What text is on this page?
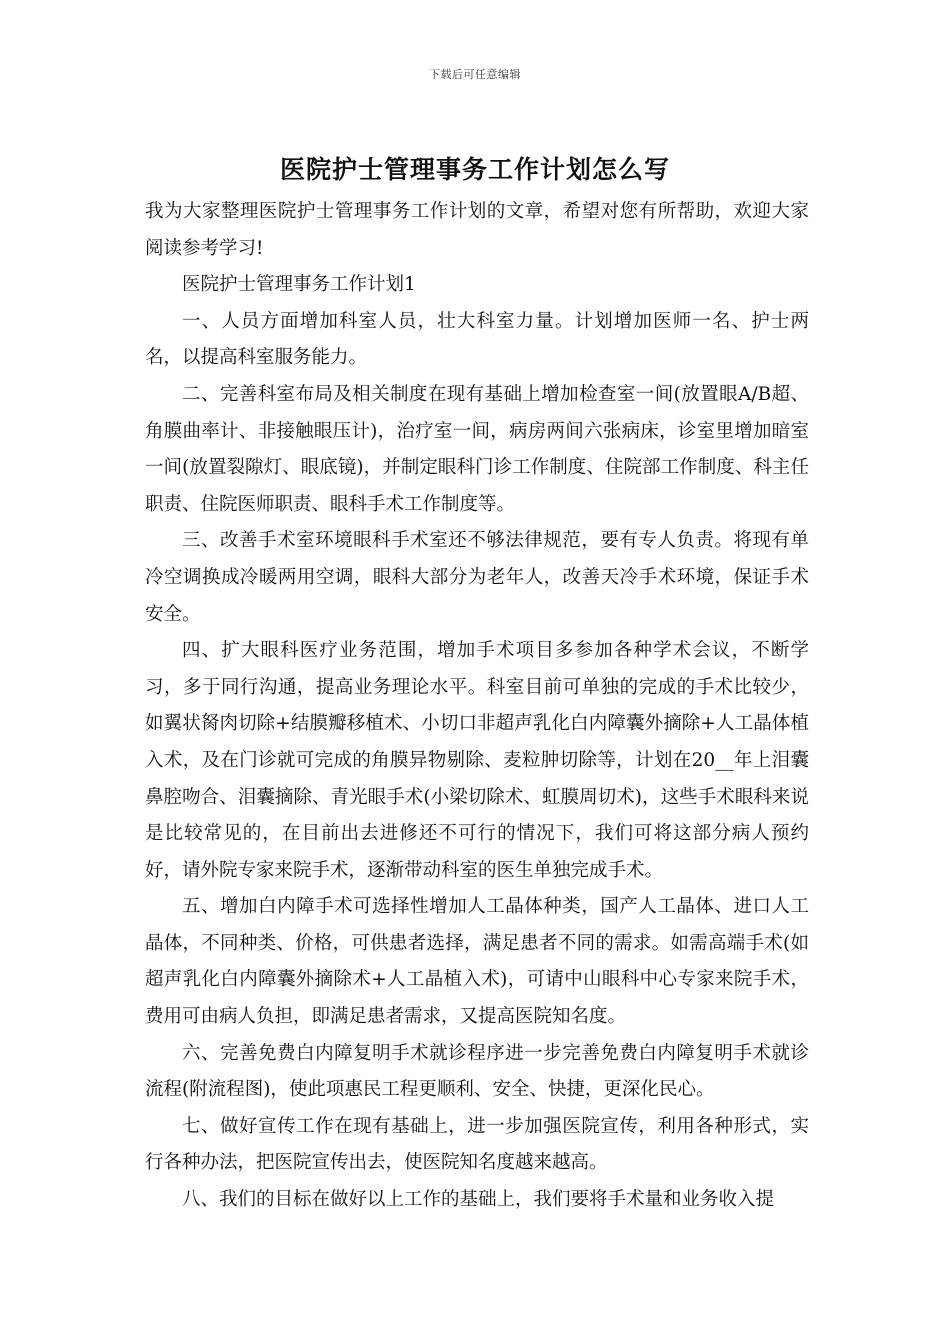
下载后可任意编辑
医院护士管理事务工作计划怎么写

我为大家整理医院护士管理事务工作计划的文章，希望对您有所帮助，欢迎大家阅读参考学习!

医院护士管理事务工作计划1

一、人员方面增加科室人员，壮大科室力量。计划增加医师一名、护士两名，以提高科室服务能力。

二、完善科室布局及相关制度在现有基础上增加检查室一间(放置眼A/B超、角膜曲率计、非接触眼压计)，治疗室一间，病房两间六张病床，诊室里增加暗室一间(放置裂隙灯、眼底镜)，并制定眼科门诊工作制度、住院部工作制度、科主任职责、住院医师职责、眼科手术工作制度等。

三、改善手术室环境眼科手术室还不够法律规范，要有专人负责。将现有单冷空调换成冷暖两用空调，眼科大部分为老年人，改善天冷手术环境，保证手术安全。

四、扩大眼科医疗业务范围，增加手术项目多参加各种学术会议，不断学习，多于同行沟通，提高业务理论水平。科室目前可单独的完成的手术比较少，如翼状胬肉切除+结膜瓣移植术、小切口非超声乳化白内障囊外摘除+人工晶体植入术，及在门诊就可完成的角膜异物剔除、麦粒肿切除等，计划在20__年上泪囊鼻腔吻合、泪囊摘除、青光眼手术(小梁切除术、虹膜周切术)，这些手术眼科来说是比较常见的，在目前出去进修还不可行的情况下，我们可将这部分病人预约好，请外院专家来院手术，逐渐带动科室的医生单独完成手术。

五、增加白内障手术可选择性增加人工晶体种类，国产人工晶体、进口人工晶体，不同种类、价格，可供患者选择，满足患者不同的需求。如需高端手术(如超声乳化白内障囊外摘除术+人工晶植入术)，可请中山眼科中心专家来院手术，费用可由病人负担，即满足患者需求，又提高医院知名度。

六、完善免费白内障复明手术就诊程序进一步完善免费白内障复明手术就诊流程(附流程图)，使此项惠民工程更顺利、安全、快捷，更深化民心。

七、做好宣传工作在现有基础上，进一步加强医院宣传，利用各种形式，实行各种办法，把医院宣传出去，使医院知名度越来越高。

八、我们的目标在做好以上工作的基础上，我们要将手术量和业务收入提
